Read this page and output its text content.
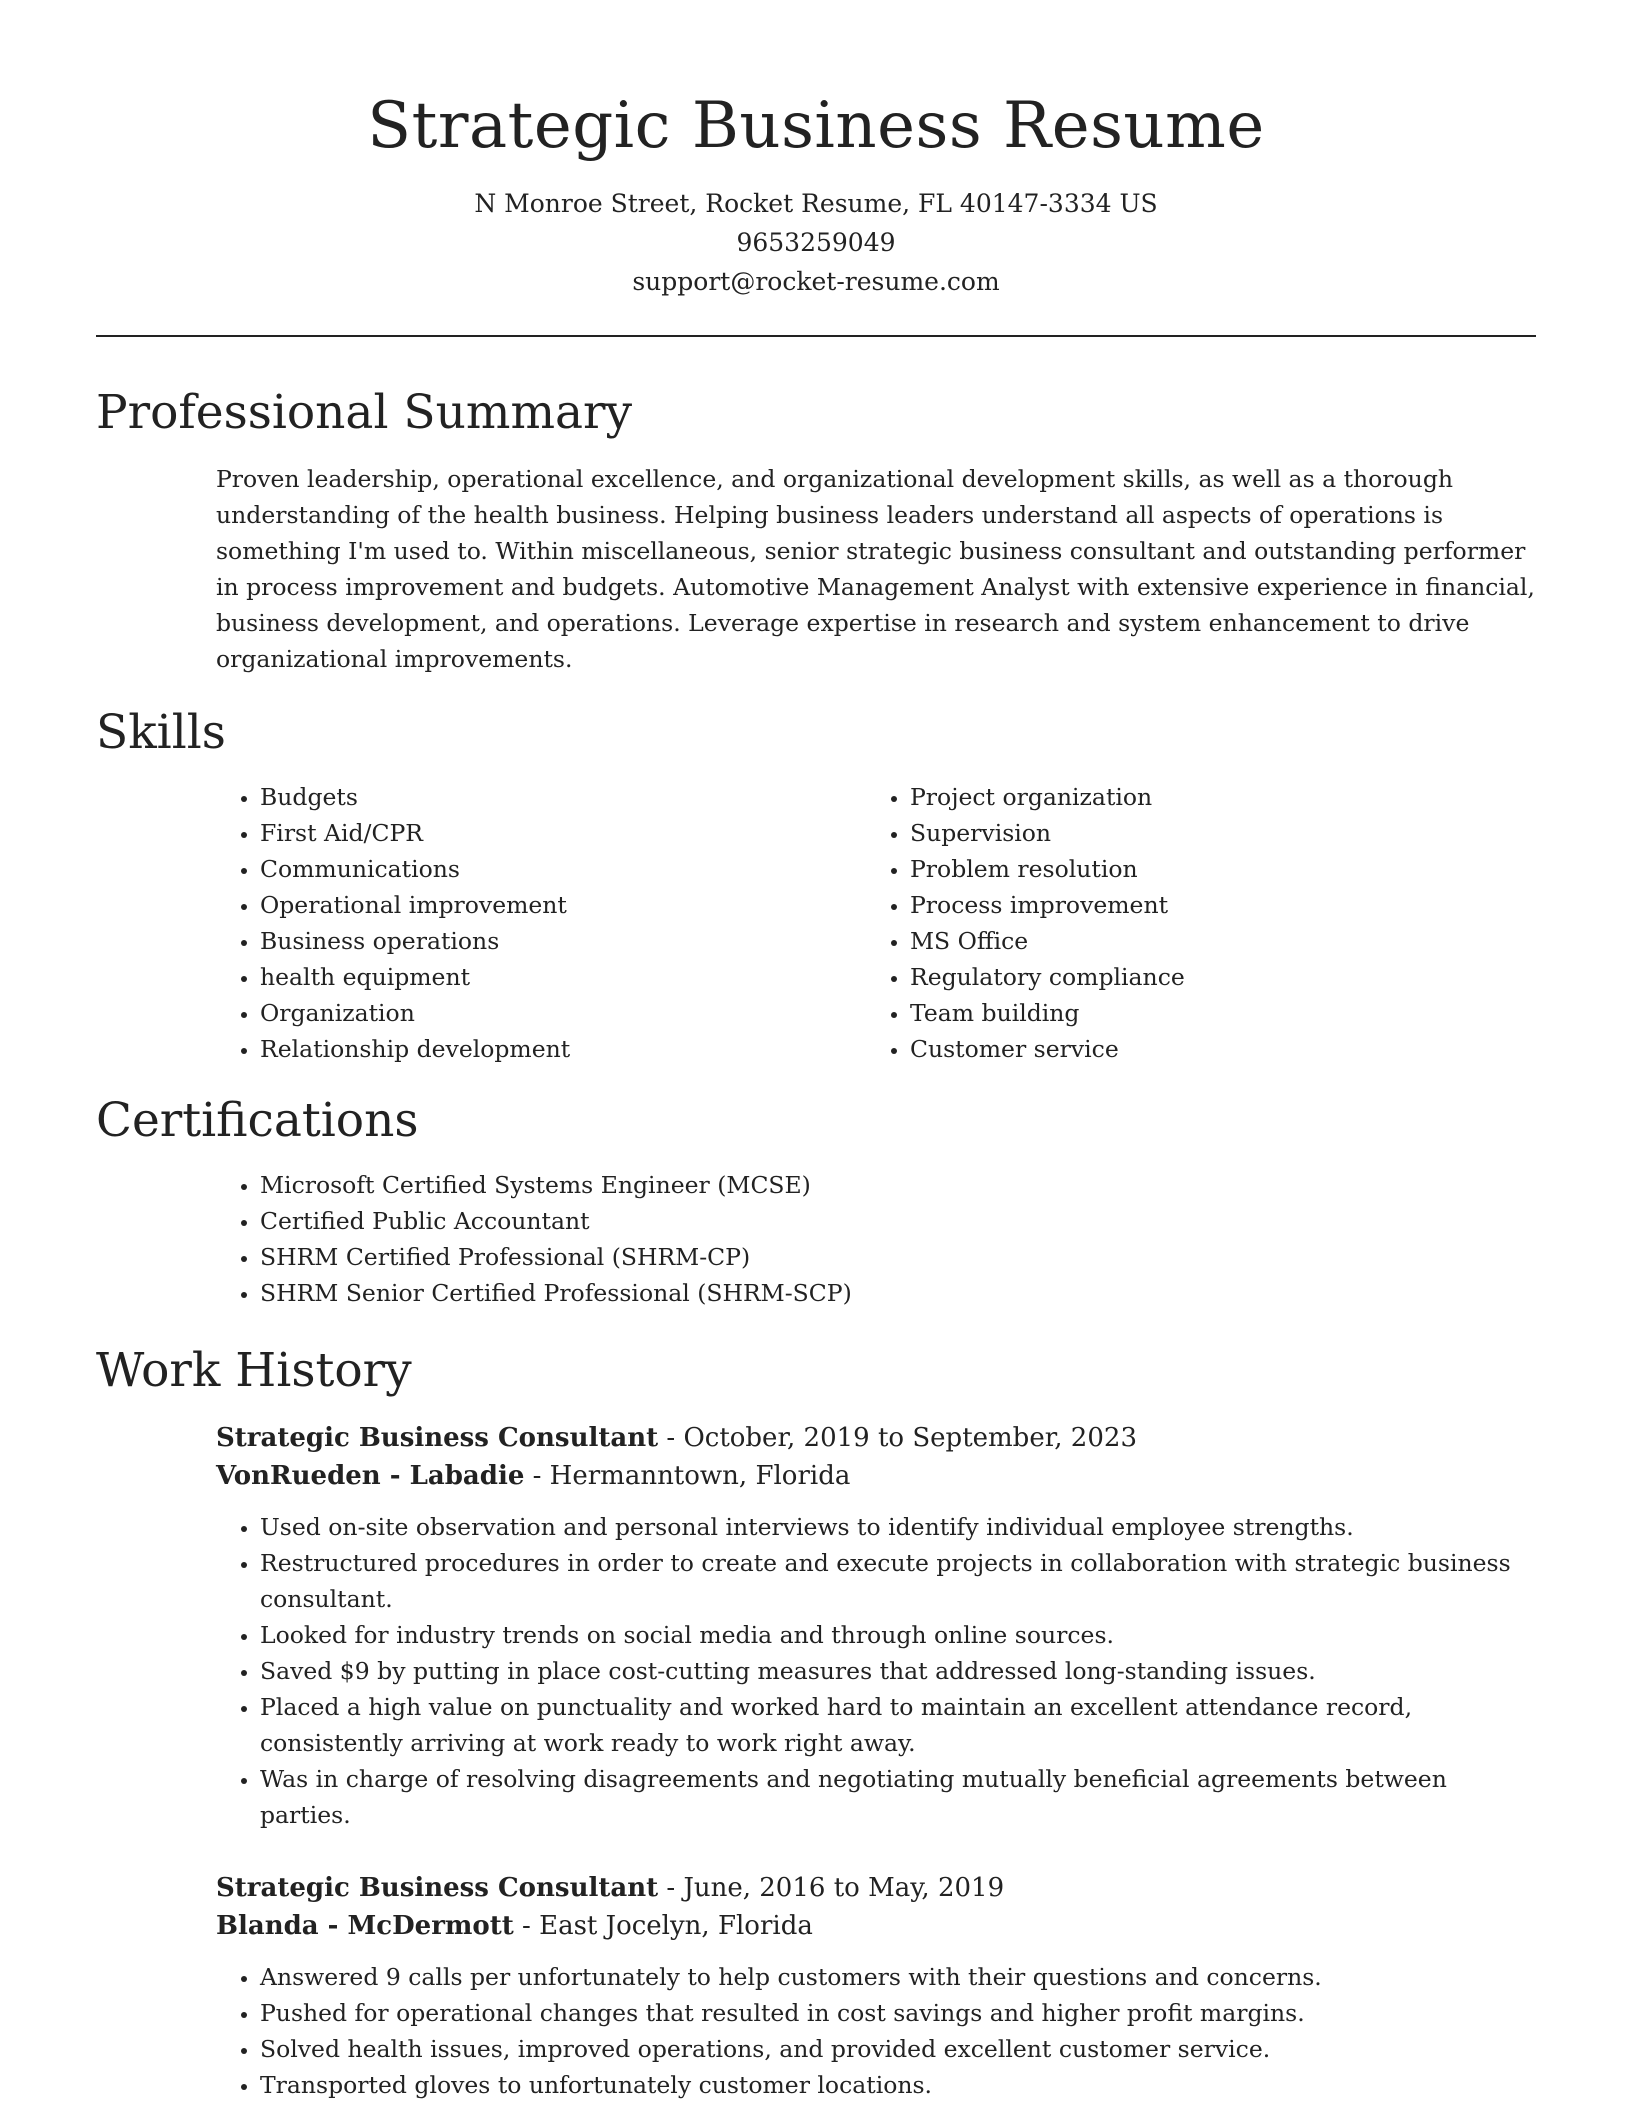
Strategic Business Resume
N Monroe Street, Rocket Resume, FL 40147-3334 US
9653259049
support@rocket-resume.com
Professional Summary
Proven leadership, operational excellence, and organizational development skills, as well as a thorough understanding of the health business. Helping business leaders understand all aspects of operations is something I'm used to. Within miscellaneous, senior strategic business consultant and outstanding performer in process improvement and budgets. Automotive Management Analyst with extensive experience in financial, business development, and operations. Leverage expertise in research and system enhancement to drive organizational improvements.
Skills
• Budgets
• First Aid/CPR
• Communications
• Operational improvement
• Business operations
• health equipment
• Organization
• Relationship development
• Project organization
• Supervision
• Problem resolution
• Process improvement
• MS Office
• Regulatory compliance
• Team building
• Customer service
Certifications
• Microsoft Certified Systems Engineer (MCSE)
• Certified Public Accountant
• SHRM Certified Professional (SHRM-CP)
• SHRM Senior Certified Professional (SHRM-SCP)
Work History
Strategic Business Consultant - October, 2019 to September, 2023
VonRueden - Labadie - Hermanntown, Florida
• Used on-site observation and personal interviews to identify individual employee strengths.
• Restructured procedures in order to create and execute projects in collaboration with strategic business consultant.
• Looked for industry trends on social media and through online sources.
• Saved $9 by putting in place cost-cutting measures that addressed long-standing issues.
• Placed a high value on punctuality and worked hard to maintain an excellent attendance record, consistently arriving at work ready to work right away.
• Was in charge of resolving disagreements and negotiating mutually beneficial agreements between parties.
Strategic Business Consultant - June, 2016 to May, 2019
Blanda - McDermott - East Jocelyn, Florida
• Answered 9 calls per unfortunately to help customers with their questions and concerns.
• Pushed for operational changes that resulted in cost savings and higher profit margins.
• Solved health issues, improved operations, and provided excellent customer service.
• Transported gloves to unfortunately customer locations.
